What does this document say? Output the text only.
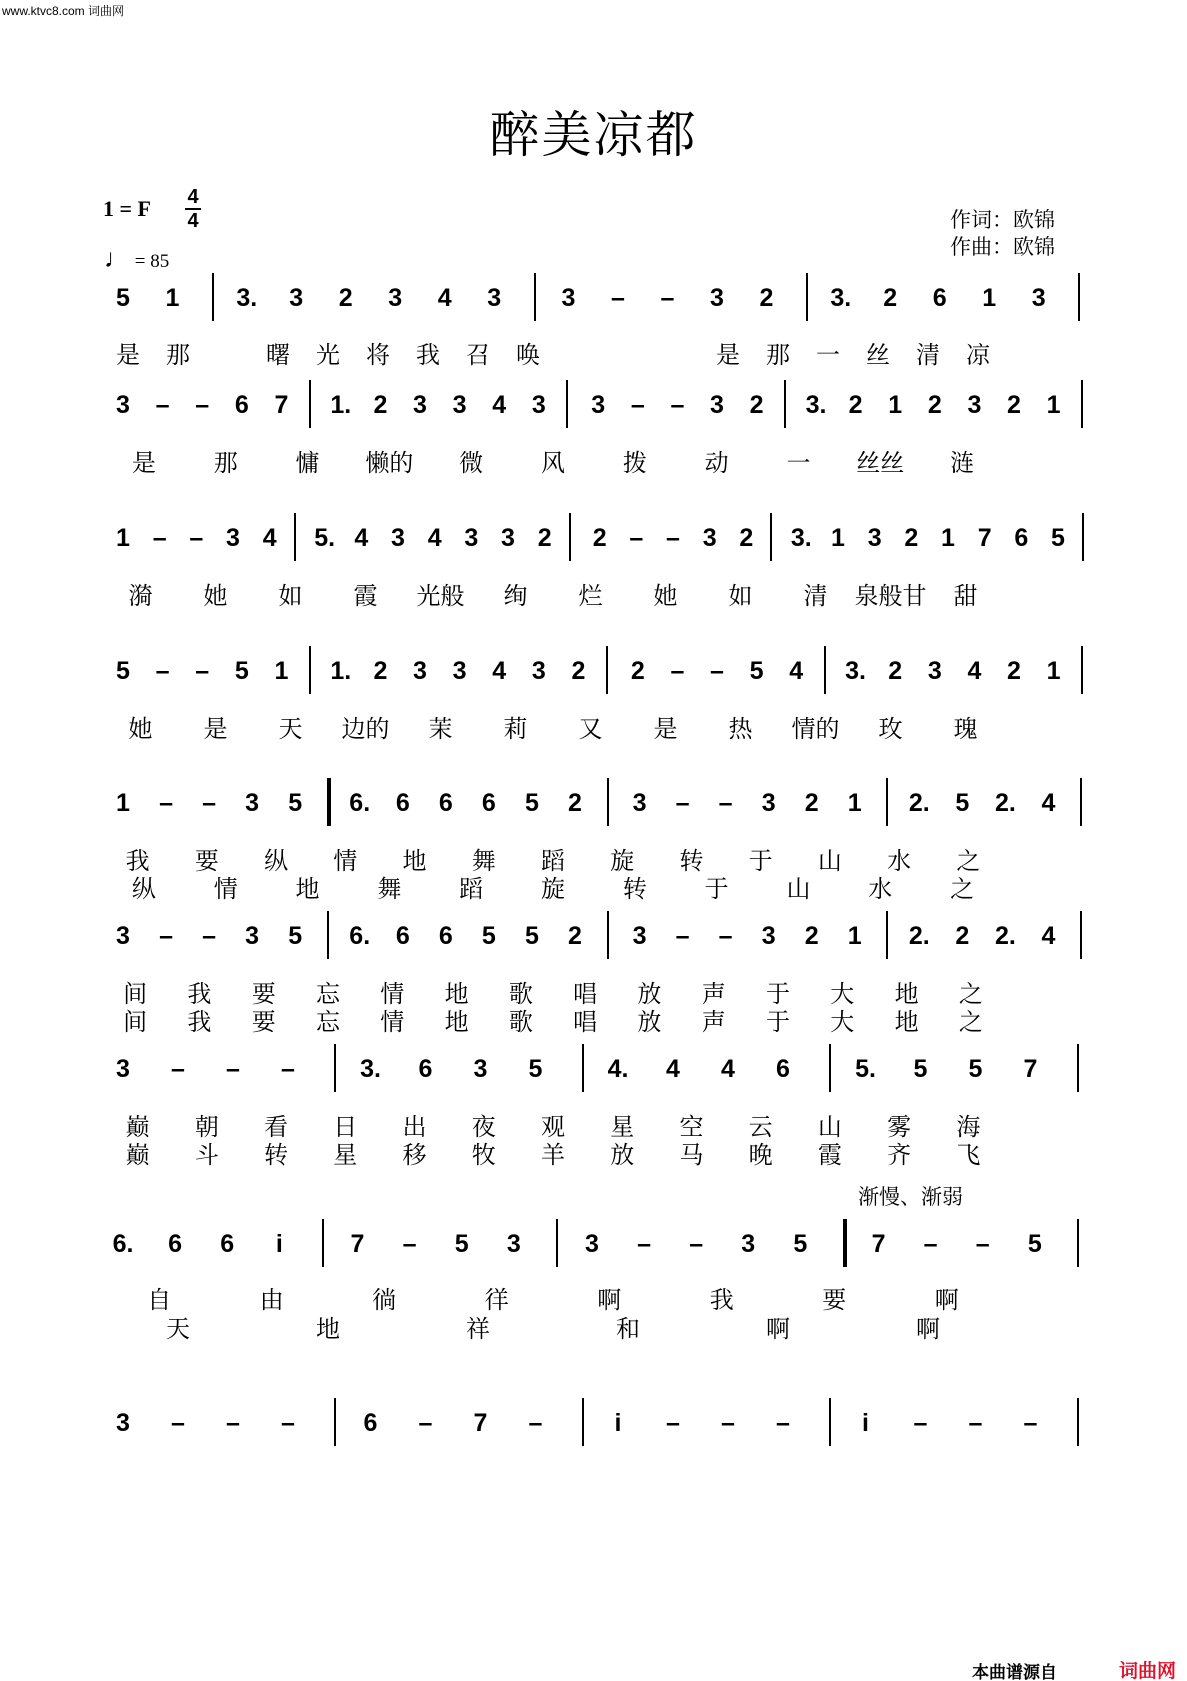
www.ktvc8.com 词曲网
醉美凉都
1 = F 4
4
♩ = 85
作词：欧锦
作曲：欧锦
渐慢、渐弱
5	1	3.	3	2	3	4	3	3	–	–	3	2	3.	2	6	1	3
是	那	曙	光	将	我	召	唤	是	那	一	丝	清	凉
3	–	–	6	7	1. 2	3	3	4	3	3	–	–	3	2	3. 2	1	2	3	2	1
是	那	慵	懒的	微	风	拨	动	一	丝丝	涟
1 – – 3 4	5. 4 3 4 3 3 2	2 – – 3 2	3. 1 3 2 1 7 6 5
漪	她	如	霞	光般	绚	烂	她	如	清	泉般甘	甜
5	–	–	5	1	1. 2	3	3	4	3	2	2	–	–	5	4	3. 2	3	4	2	1
她	是	天	边的	茉	莉	又	是	热	情的	玫	瑰
1	–	–	3	5	6.	6	6	6	5	2	3	–	–	3	2	1	2.	5	2.	4
我	要	纵	情	地	舞	蹈	旋	转	于	山	水	之
纵	情	地	舞	蹈	旋	转	于	山	水	之
3	–	–	3	5	6.	6	6	5	5	2	3	–	–	3	2	1	2.	2	2.	4
间	我	要	忘	情	地	歌	唱	放	声	于	大	地	之
间	我	要	忘	情	地	歌	唱	放	声	于	大	地	之
3	–	–	–	3.	6	3	5	4.	4	4	6	5.	5	5	7
巅	朝	看	日	出	夜	观	星	空	云	山	雾	海
巅	斗	转	星	移	牧	羊	放	马	晚	霞	齐	飞
6.	6	6	i	7	–	5	3	3	–	–	3	5	7	–	–	5
自	由	徜	徉	啊	我	要	啊
天	地	祥	和	啊	啊
3	–	–	–	6	–	7	–	i	–	–	–	i	–	–	–
本曲谱源自	词曲网
